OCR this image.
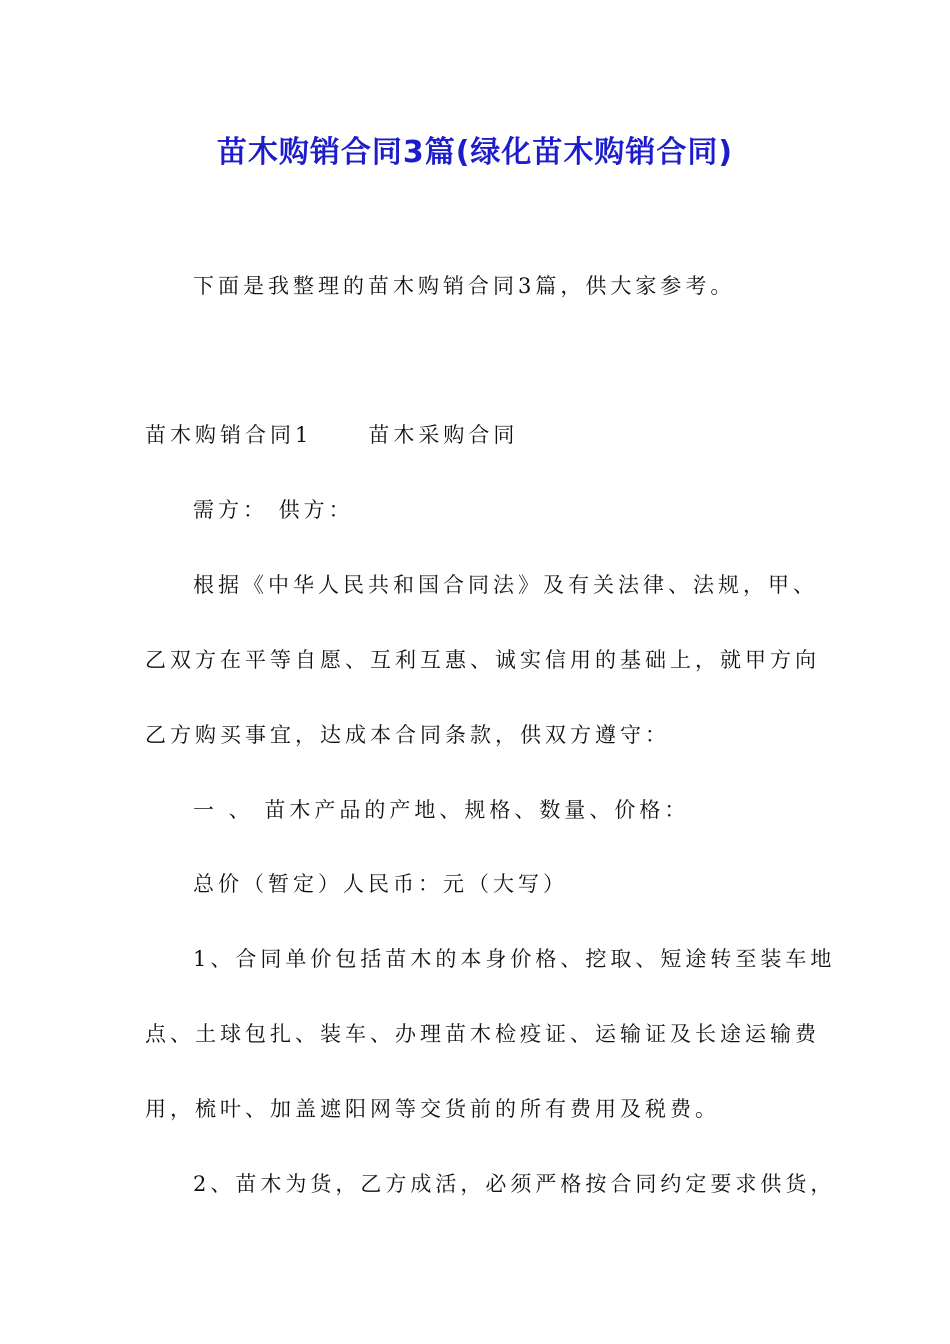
苗木购销合同3篇(绿化苗木购销合同)
下面是我整理的苗木购销合同3篇，供大家参考。
苗木购销合同1	苗木采购合同
需方： 供方：
根据《中华人民共和国合同法》及有关法律、法规，甲、
乙双方在平等自愿、互利互惠、诚实信用的基础上，就甲方向
乙方购买事宜，达成本合同条款，供双方遵守：
一 、 苗木产品的产地、规格、数量、价格：
总价（暂定）人民币：元（大写）
1、合同单价包括苗木的本身价格、挖取、短途转至装车地
点、土球包扎、装车、办理苗木检疫证、运输证及长途运输费
用，梳叶、加盖遮阳网等交货前的所有费用及税费。
2、苗木为货，乙方成活，必须严格按合同约定要求供货，
